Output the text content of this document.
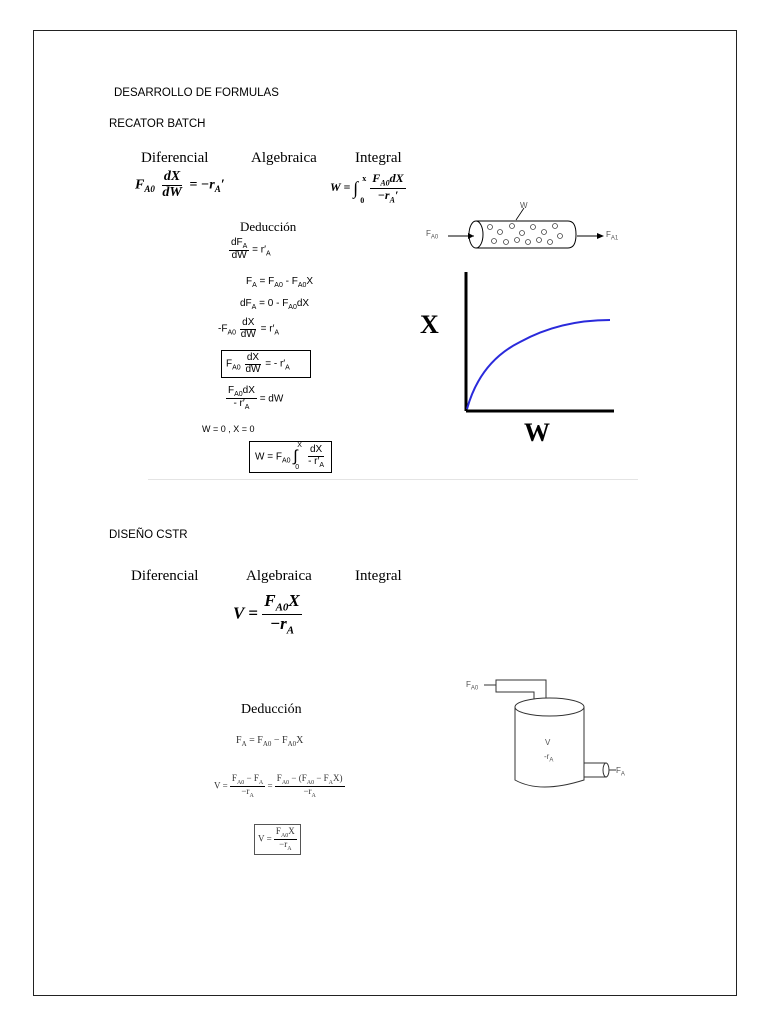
DESARROLLO DE FORMULAS
RECATOR BATCH
Diferencial	Algebraica	Integral
$F_{A0} \frac{dX}{dW} = -r_A'$	W = ∫ x
0
$\frac{F_{A0}dX}{-r_A'}$
Deducción
$\frac{dF_A}{dW} = r'_A$
$F_A = F_{A0} - F_{A0}X$
$dF_A = 0 - F_{A0}dX$
$-F_{A0} \frac{dX}{dW} = r'_A$
$F_{A0} \frac{dX}{dW}$ = - $r'_A$
$\frac{F_{A0}dX}{- r'_A}$ = dW
W = 0 , X = 0
$W = F_{A0}$ ∫
X
0
$\frac{dX}{- r'_A}$
$F_{A0}$	$F_{A1}$
W
X
W
DISEÑO CSTR
Diferencial	Algebraica	Integral
$V = \frac{F_{A0}X}{-r_A}$
Deducción
$F_A = F_{A0} - F_{A0}X$
$V = \frac{F_{A0} - F_A}{-r_A} = \frac{F_{A0} - (F_{A0} - F_AX)}{-r_A}$
$V = \frac{F_{A0}X}{-r_A}$
$F_{A0}$
$F_A$
V
$-r_A$
